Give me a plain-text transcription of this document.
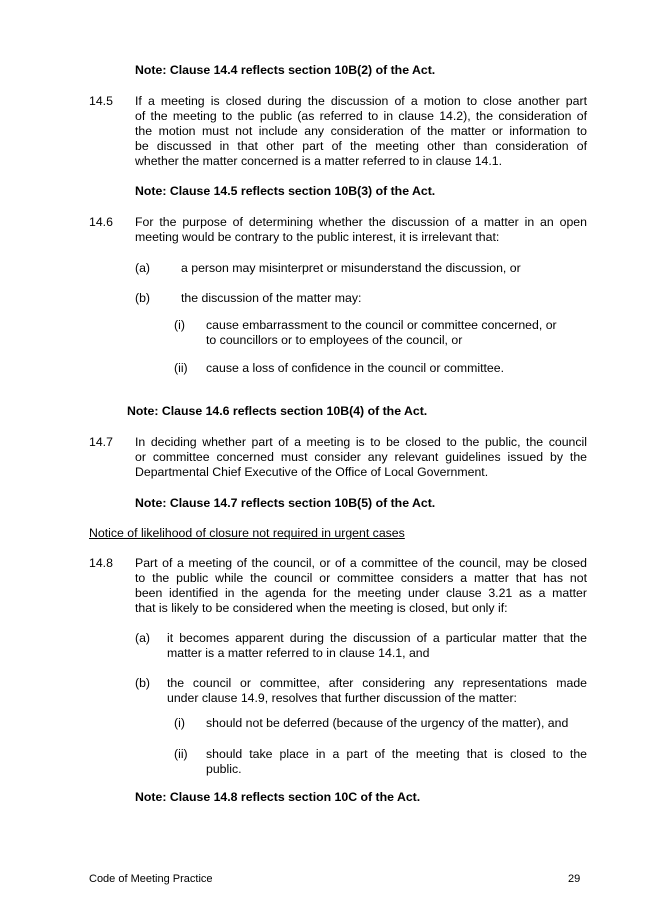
Note: Clause 14.4 reflects section 10B(2) of the Act.
14.5 If a meeting is closed during the discussion of a motion to close another part
of the meeting to the public (as referred to in clause 14.2), the consideration of
the motion must not include any consideration of the matter or information to
be discussed in that other part of the meeting other than consideration of
whether the matter concerned is a matter referred to in clause 14.1.
Note: Clause 14.5 reflects section 10B(3) of the Act.
14.6 For the purpose of determining whether the discussion of a matter in an open
meeting would be contrary to the public interest, it is irrelevant that:
(a)	a person may misinterpret or misunderstand the discussion, or
(b)	the discussion of the matter may:
(i) cause embarrassment to the council or committee concerned, or
to councillors or to employees of the council, or
(ii) cause a loss of confidence in the council or committee.
Note: Clause 14.6 reflects section 10B(4) of the Act.
14.7 In deciding whether part of a meeting is to be closed to the public, the council
or committee concerned must consider any relevant guidelines issued by the
Departmental Chief Executive of the Office of Local Government.
Note: Clause 14.7 reflects section 10B(5) of the Act.
Notice of likelihood of closure not required in urgent cases
14.8 Part of a meeting of the council, or of a committee of the council, may be closed
to the public while the council or committee considers a matter that has not
been identified in the agenda for the meeting under clause 3.21 as a matter
that is likely to be considered when the meeting is closed, but only if:
(a) it becomes apparent during the discussion of a particular matter that the
matter is a matter referred to in clause 14.1, and
(b) the council or committee, after considering any representations made
under clause 14.9, resolves that further discussion of the matter:
(i) should not be deferred (because of the urgency of the matter), and
(ii) should take place in a part of the meeting that is closed to the
public.
Note: Clause 14.8 reflects section 10C of the Act.
Code of Meeting Practice	29
